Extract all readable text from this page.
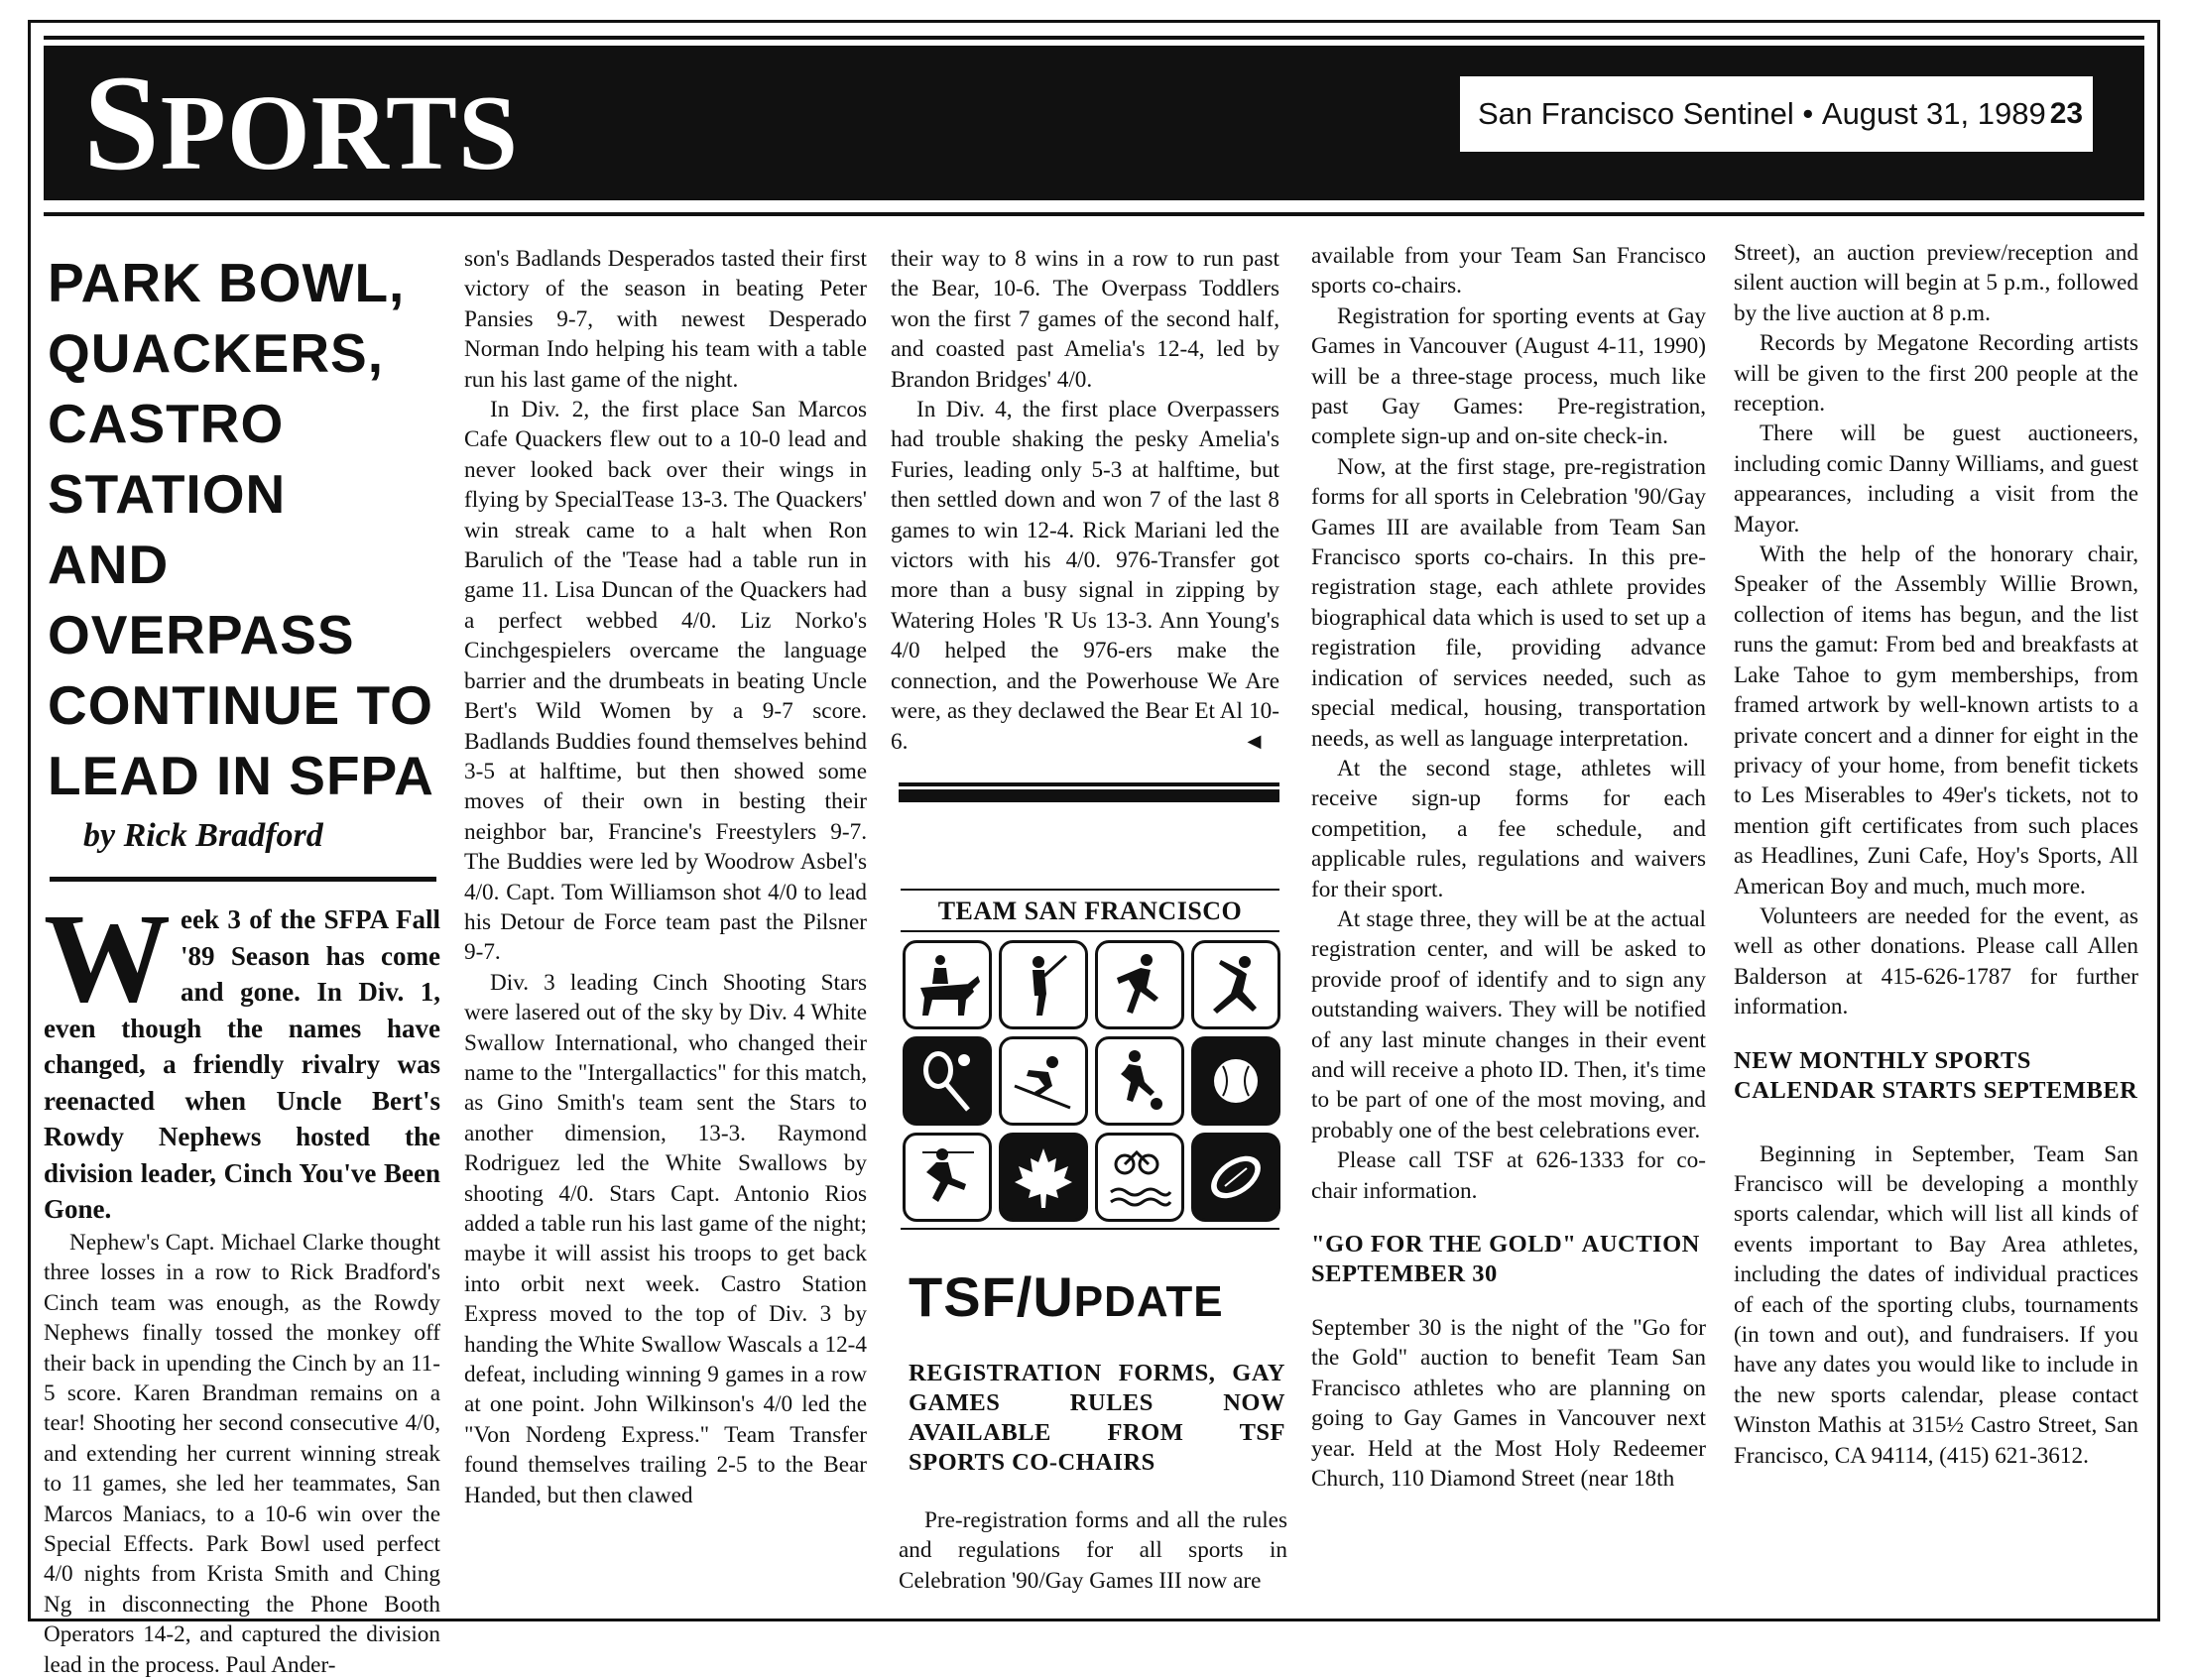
SPORTS	San Francisco Sentinel
•
August 31, 1989 23
PARK BOWL,
QUACKERS,
CASTRO STATION
AND OVERPASS
CONTINUE TO
LEAD IN SFPA
by Rick Bradford

Week 3 of the SFPA Fall '89 Season has come and gone. In Div. 1, even though the names have changed, a friendly rivalry was reenacted when Uncle Bert's Rowdy Nephews hosted the division leader, Cinch You've Been Gone.

Nephew's Capt. Michael Clarke thought three losses in a row to Rick Bradford's Cinch team was enough, as the Rowdy Nephews finally tossed the monkey off their back in upending the Cinch by an 11-5 score. Karen Brandman remains on a tear! Shooting her second consecutive 4/0, and extending her current winning streak to 11 games, she led her teammates, San Marcos Maniacs, to a 10-6 win over the Special Effects. Park Bowl used perfect 4/0 nights from Krista Smith and Ching Ng in disconnecting the Phone Booth Operators 14-2, and captured the division lead in the process. Paul Ander-

son's Badlands Desperados tasted their first victory of the season in beating Peter Pansies 9-7, with newest Desperado Norman Indo helping his team with a table run his last game of the night.

In Div. 2, the first place San Marcos Cafe Quackers flew out to a 10-0 lead and never looked back over their wings in flying by SpecialTease 13-3. The Quackers' win streak came to a halt when Ron Barulich of the 'Tease had a table run in game 11. Lisa Duncan of the Quackers had a perfect webbed 4/0. Liz Norko's Cinchgespielers overcame the language barrier and the drumbeats in beating Uncle Bert's Wild Women by a 9-7 score. Badlands Buddies found themselves behind 3-5 at halftime, but then showed some moves of their own in besting their neighbor bar, Francine's Freestylers 9-7. The Buddies were led by Woodrow Asbel's 4/0. Capt. Tom Williamson shot 4/0 to lead his Detour de Force team past the Pilsner 9-7.

Div. 3 leading Cinch Shooting Stars were lasered out of the sky by Div. 4 White Swallow International, who changed their name to the "Intergallactics" for this match, as Gino Smith's team sent the Stars to another dimension, 13-3. Raymond Rodriguez led the White Swallows by shooting 4/0. Stars Capt. Antonio Rios added a table run his last game of the night; maybe it will assist his troops to get back into orbit next week. Castro Station Express moved to the top of Div. 3 by handing the White Swallow Wascals a 12-4 defeat, including winning 9 games in a row at one point. John Wilkinson's 4/0 led the "Von Nordeng Express." Team Transfer found themselves trailing 2-5 to the Bear Handed, but then clawed

their way to 8 wins in a row to run past the Bear, 10-6. The Overpass Toddlers won the first 7 games of the second half, and coasted past Amelia's 12-4, led by Brandon Bridges' 4/0.

In Div. 4, the first place Overpassers had trouble shaking the pesky Amelia's Furies, leading only 5-3 at halftime, but then settled down and won 7 of the last 8 games to win 12-4. Rick Mariani led the victors with his 4/0. 976-Transfer got more than a busy signal in zipping by Watering Holes 'R Us 13-3. Ann Young's 4/0 helped the 976-ers make the connection, and the Powerhouse We Are were, as they declawed the Bear Et Al 10-6.	◄

TEAM SAN FRANCISCO
TSF/UPDATE

REGISTRATION FORMS, GAY GAMES RULES NOW AVAILABLE FROM TSF SPORTS CO-CHAIRS

Pre-registration forms and all the rules and regulations for all sports in Celebration '90/Gay Games III now are

available from your Team San Francisco sports co-chairs.

Registration for sporting events at Gay Games in Vancouver (August 4-11, 1990) will be a three-stage process, much like past Gay Games: Pre-registration, complete sign-up and on-site check-in.

Now, at the first stage, pre-registration forms for all sports in Celebration '90/Gay Games III are available from Team San Francisco sports co-chairs. In this pre-registration stage, each athlete provides biographical data which is used to set up a registration file, providing advance indication of services needed, such as special medical, housing, transportation needs, as well as language interpretation.

At the second stage, athletes will receive sign-up forms for each competition, a fee schedule, and applicable rules, regulations and waivers for their sport.

At stage three, they will be at the actual registration center, and will be asked to provide proof of identify and to sign any outstanding waivers. They will be notified of any last minute changes in their event and will receive a photo ID. Then, it's time to be part of one of the most moving, and probably one of the best celebrations ever.

Please call TSF at 626-1333 for co-chair information.

"GO FOR THE GOLD" AUCTION SEPTEMBER 30

September 30 is the night of the "Go for the Gold" auction to benefit Team San Francisco athletes who are planning on going to Gay Games in Vancouver next year. Held at the Most Holy Redeemer Church, 110 Diamond Street (near 18th

Street), an auction preview/reception and silent auction will begin at 5 p.m., followed by the live auction at 8 p.m.

Records by Megatone Recording artists will be given to the first 200 people at the reception.

There will be guest auctioneers, including comic Danny Williams, and guest appearances, including a visit from the Mayor.

With the help of the honorary chair, Speaker of the Assembly Willie Brown, collection of items has begun, and the list runs the gamut: From bed and breakfasts at Lake Tahoe to gym memberships, from framed artwork by well-known artists to a private concert and a dinner for eight in the privacy of your home, from benefit tickets to Les Miserables to 49er's tickets, not to mention gift certificates from such places as Headlines, Zuni Cafe, Hoy's Sports, All American Boy and much, much more.

Volunteers are needed for the event, as well as other donations. Please call Allen Balderson at 415-626-1787 for further information.

NEW MONTHLY SPORTS CALENDAR STARTS SEPTEMBER

Beginning in September, Team San Francisco will be developing a monthly sports calendar, which will list all kinds of events important to Bay Area athletes, including the dates of individual practices of each of the sporting clubs, tournaments (in town and out), and fundraisers. If you have any dates you would like to include in the new sports calendar, please contact Winston Mathis at 315½ Castro Street, San Francisco, CA 94114, (415) 621-3612.
